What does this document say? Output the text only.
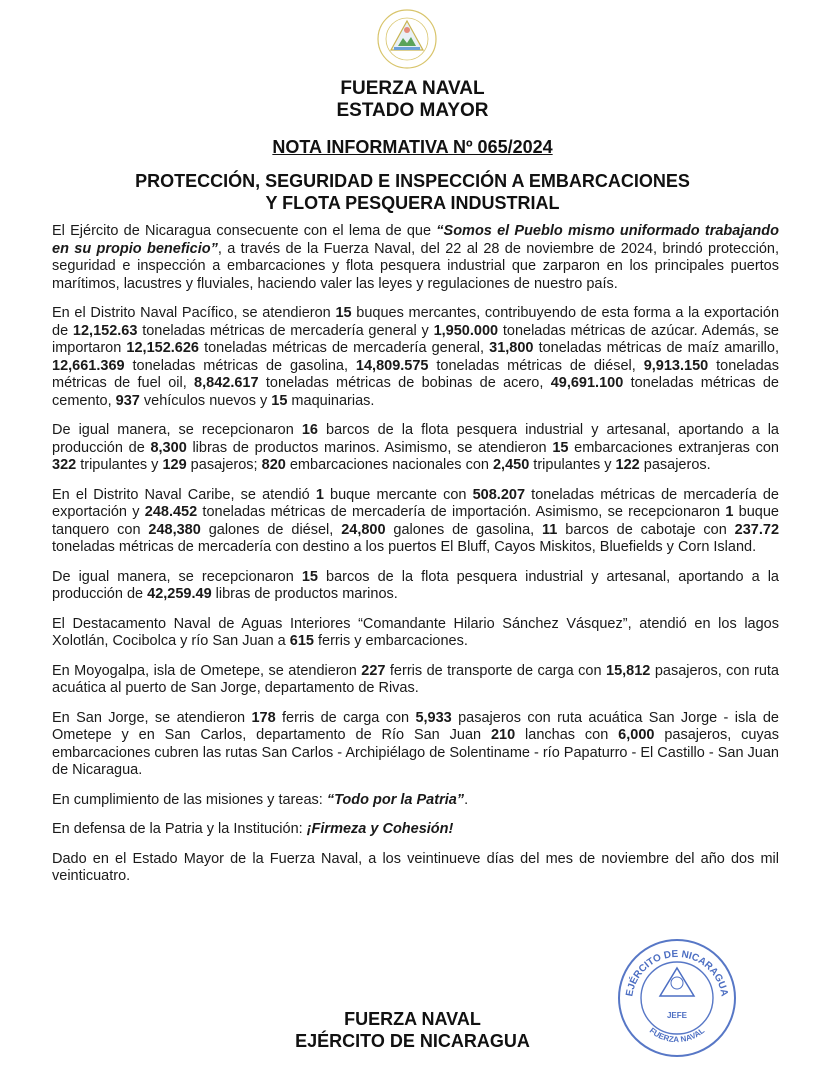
FUERZA NAVAL
ESTADO MAYOR
NOTA INFORMATIVA Nº 065/2024
PROTECCIÓN, SEGURIDAD E INSPECCIÓN A EMBARCACIONES
Y FLOTA PESQUERA INDUSTRIAL

El Ejército de Nicaragua consecuente con el lema de que “Somos el Pueblo mismo uniformado trabajando en su propio beneficio”, a través de la Fuerza Naval, del 22 al 28 de noviembre de 2024, brindó protección, seguridad e inspección a embarcaciones y flota pesquera industrial que zarparon en los principales puertos marítimos, lacustres y fluviales, haciendo valer las leyes y regulaciones de nuestro país.

En el Distrito Naval Pacífico, se atendieron 15 buques mercantes, contribuyendo de esta forma a la exportación de 12,152.63 toneladas métricas de mercadería general y 1,950.000 toneladas métricas de azúcar. Además, se importaron 12,152.626 toneladas métricas de mercadería general, 31,800 toneladas métricas de maíz amarillo, 12,661.369 toneladas métricas de gasolina, 14,809.575 toneladas métricas de diésel, 9,913.150 toneladas métricas de fuel oil, 8,842.617 toneladas métricas de bobinas de acero, 49,691.100 toneladas métricas de cemento, 937 vehículos nuevos y 15 maquinarias.

De igual manera, se recepcionaron 16 barcos de la flota pesquera industrial y artesanal, aportando a la producción de 8,300 libras de productos marinos. Asimismo, se atendieron 15 embarcaciones extranjeras con 322 tripulantes y 129 pasajeros; 820 embarcaciones nacionales con 2,450 tripulantes y 122 pasajeros.

En el Distrito Naval Caribe, se atendió 1 buque mercante con 508.207 toneladas métricas de mercadería de exportación y 248.452 toneladas métricas de mercadería de importación. Asimismo, se recepcionaron 1 buque tanquero con 248,380 galones de diésel, 24,800 galones de gasolina, 11 barcos de cabotaje con 237.72 toneladas métricas de mercadería con destino a los puertos El Bluff, Cayos Miskitos, Bluefields y Corn Island.

De igual manera, se recepcionaron 15 barcos de la flota pesquera industrial y artesanal, aportando a la producción de 42,259.49 libras de productos marinos.

El Destacamento Naval de Aguas Interiores “Comandante Hilario Sánchez Vásquez”, atendió en los lagos Xolotlán, Cocibolca y río San Juan a 615 ferris y embarcaciones.

En Moyogalpa, isla de Ometepe, se atendieron 227 ferris de transporte de carga con 15,812 pasajeros, con ruta acuática al puerto de San Jorge, departamento de Rivas.

En San Jorge, se atendieron 178 ferris de carga con 5,933 pasajeros con ruta acuática San Jorge - isla de Ometepe y en San Carlos, departamento de Río San Juan 210 lanchas con 6,000 pasajeros, cuyas embarcaciones cubren las rutas San Carlos - Archipiélago de Solentiname - río Papaturro - El Castillo - San Juan de Nicaragua.

En cumplimiento de las misiones y tareas: “Todo por la Patria”.

En defensa de la Patria y la Institución: ¡Firmeza y Cohesión!

Dado en el Estado Mayor de la Fuerza Naval, a los veintinueve días del mes de noviembre del año dos mil veinticuatro.

FUERZA NAVAL
EJÉRCITO DE NICARAGUA
EJÉRCITO DE NICARAGUA
JEFE
FUERZA NAVAL
